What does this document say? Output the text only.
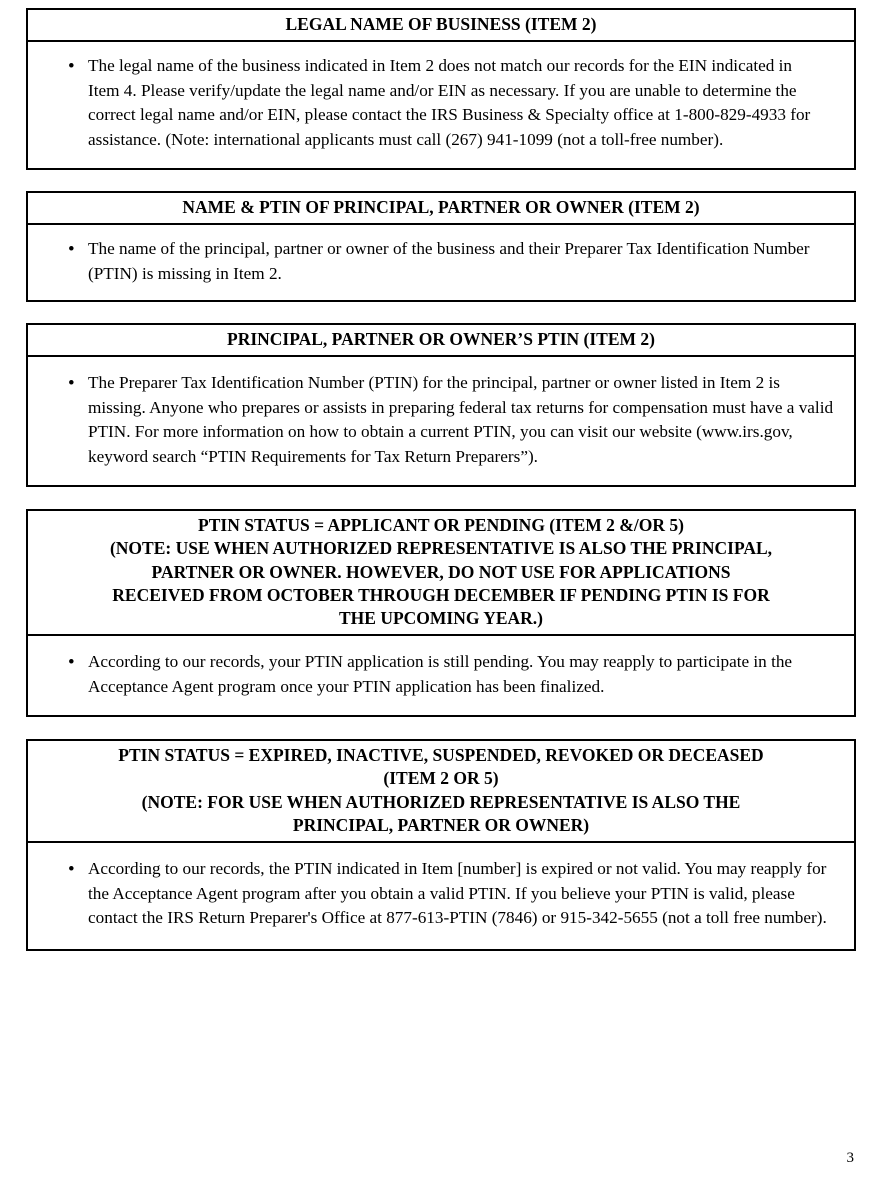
LEGAL NAME OF BUSINESS (ITEM 2)
• The legal name of the business indicated in Item 2 does not match our records for the EIN indicated in Item 4. Please verify/update the legal name and/or EIN as necessary. If you are unable to determine the correct legal name and/or EIN, please contact the IRS Business & Specialty office at 1-800-829-4933 for assistance. (Note: international applicants must call (267) 941-1099 (not a toll-free number).
NAME & PTIN OF PRINCIPAL, PARTNER OR OWNER (ITEM 2)
• The name of the principal, partner or owner of the business and their Preparer Tax Identification Number (PTIN) is missing in Item 2.
PRINCIPAL, PARTNER OR OWNER’S PTIN (ITEM 2)
• The Preparer Tax Identification Number (PTIN) for the principal, partner or owner listed in Item 2 is missing. Anyone who prepares or assists in preparing federal tax returns for compensation must have a valid PTIN. For more information on how to obtain a current PTIN, you can visit our website (www.irs.gov, keyword search “PTIN Requirements for Tax Return Preparers”).
PTIN STATUS = APPLICANT OR PENDING (ITEM 2 &/OR 5)
(NOTE: USE WHEN AUTHORIZED REPRESENTATIVE IS ALSO THE PRINCIPAL,
PARTNER OR OWNER. HOWEVER, DO NOT USE FOR APPLICATIONS
RECEIVED FROM OCTOBER THROUGH DECEMBER IF PENDING PTIN IS FOR
THE UPCOMING YEAR.)
• According to our records, your PTIN application is still pending. You may reapply to participate in the Acceptance Agent program once your PTIN application has been finalized.
PTIN STATUS = EXPIRED, INACTIVE, SUSPENDED, REVOKED OR DECEASED
(ITEM 2 OR 5)
(NOTE: FOR USE WHEN AUTHORIZED REPRESENTATIVE IS ALSO THE
PRINCIPAL, PARTNER OR OWNER)
• According to our records, the PTIN indicated in Item [number] is expired or not valid. You may reapply for the Acceptance Agent program after you obtain a valid PTIN. If you believe your PTIN is valid, please contact the IRS Return Preparer's Office at 877-613-PTIN (7846) or 915-342-5655 (not a toll free number).
3
